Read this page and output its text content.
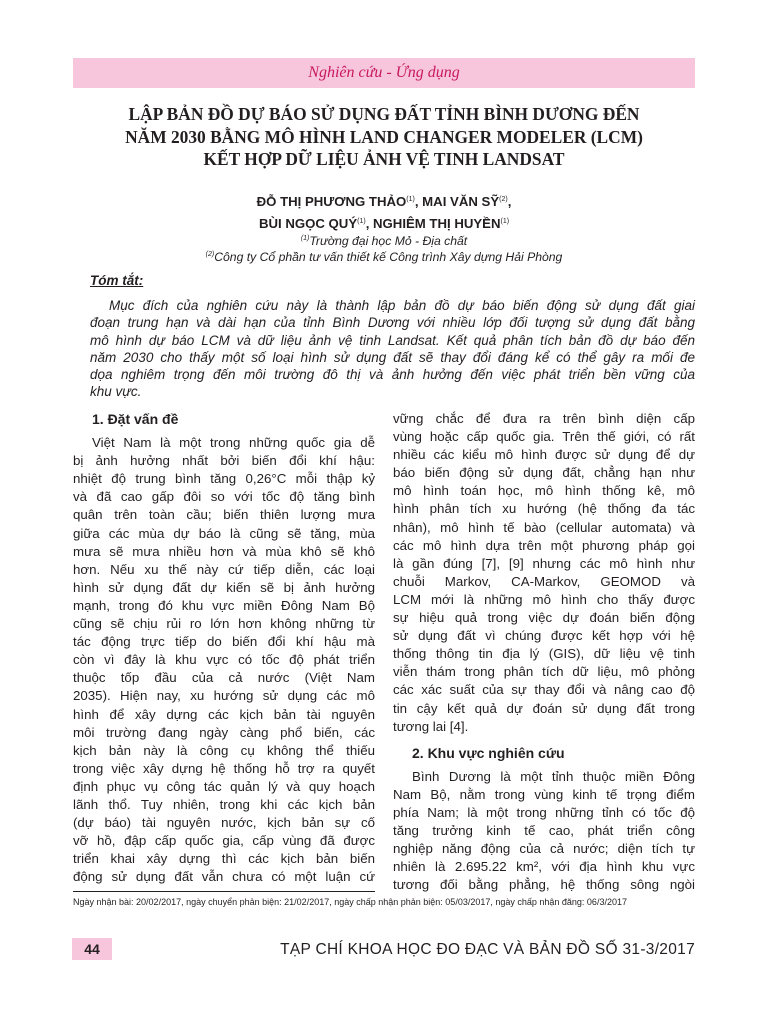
Nghiên cứu - Ứng dụng
LẬP BẢN ĐỒ DỰ BÁO SỬ DỤNG ĐẤT TỈNH BÌNH DƯƠNG ĐẾN
NĂM 2030 BẰNG MÔ HÌNH LAND CHANGER MODELER (LCM)
KẾT HỢP DỮ LIỆU ẢNH VỆ TINH LANDSAT
ĐỖ THỊ PHƯƠNG THẢO$^{(1)}$, MAI VĂN SỸ$^{(2)}$,
BÙI NGỌC QUÝ$^{(1)}$, NGHIÊM THỊ HUYỀN$^{(1)}$
$^{(1)}$Trường đại học Mỏ - Địa chất
$^{(2)}$Công ty Cổ phần tư vấn thiết kế Công trình Xây dựng Hải Phòng
Tóm tắt:
Mục đích của nghiên cứu này là thành lập bản đồ dự báo biến động sử dụng đất giai
đoạn trung hạn và dài hạn của tỉnh Bình Dương với nhiều lớp đối tượng sử dụng đất bằng
mô hình dự báo LCM và dữ liệu ảnh vệ tinh Landsat. Kết quả phân tích bản đồ dự báo đến
năm 2030 cho thấy một số loại hình sử dụng đất sẽ thay đổi đáng kể có thể gây ra mối đe
dọa nghiêm trọng đến môi trường đô thị và ảnh hưởng đến việc phát triển bền vững của
khu vực.
1. Đặt vấn đề
Việt Nam là một trong những quốc gia dễ
bị ảnh hưởng nhất bởi biến đổi khí hậu:
nhiệt độ trung bình tăng 0,26°C mỗi thập kỷ
và đã cao gấp đôi so với tốc độ tăng bình
quân trên toàn cầu; biến thiên lượng mưa
giữa các mùa dự báo là cũng sẽ tăng, mùa
mưa sẽ mưa nhiều hơn và mùa khô sẽ khô
hơn. Nếu xu thế này cứ tiếp diễn, các loại
hình sử dụng đất dự kiến sẽ bị ảnh hưởng
mạnh, trong đó khu vực miền Đông Nam Bộ
cũng sẽ chịu rủi ro lớn hơn không những từ
tác động trực tiếp do biến đổi khí hậu mà
còn vì đây là khu vực có tốc độ phát triển
thuộc tốp đầu của cả nước (Việt Nam
2035). Hiện nay, xu hướng sử dụng các mô
hình để xây dựng các kịch bản tài nguyên
môi trường đang ngày càng phổ biến, các
kịch bản này là công cụ không thể thiếu
trong việc xây dựng hệ thống hỗ trợ ra quyết
định phục vụ công tác quản lý và quy hoạch
lãnh thổ. Tuy nhiên, trong khi các kịch bản
(dự báo) tài nguyên nước, kịch bản sự cố
vỡ hồ, đập cấp quốc gia, cấp vùng đã được
triển khai xây dựng thì các kịch bản biến
động sử dụng đất vẫn chưa có một luận cứ
vững chắc để đưa ra trên bình diện cấp
vùng hoặc cấp quốc gia. Trên thế giới, có rất
nhiều các kiểu mô hình được sử dụng để dự
báo biến động sử dụng đất, chẳng hạn như
mô hình toán học, mô hình thống kê, mô
hình phân tích xu hướng (hệ thống đa tác
nhân), mô hình tế bào (cellular automata) và
các mô hình dựa trên một phương pháp gọi
là gần đúng [7], [9] nhưng các mô hình như
chuỗi Markov, CA-Markov, GEOMOD và
LCM mới là những mô hình cho thấy được
sự hiệu quả trong việc dự đoán biến động
sử dụng đất vì chúng được kết hợp với hệ
thống thông tin địa lý (GIS), dữ liệu vệ tinh
viễn thám trong phân tích dữ liệu, mô phỏng
các xác suất của sự thay đổi và nâng cao độ
tin cậy kết quả dự đoán sử dụng đất trong
tương lai [4].
2. Khu vực nghiên cứu
Bình Dương là một tỉnh thuộc miền Đông
Nam Bộ, nằm trong vùng kinh tế trọng điểm
phía Nam; là một trong những tỉnh có tốc độ
tăng trưởng kinh tế cao, phát triển công
nghiệp năng động của cả nước; diện tích tự
nhiên là 2.695.22 km², với địa hình khu vực
tương đối bằng phẳng, hệ thống sông ngòi
Ngày nhận bài: 20/02/2017, ngày chuyển phản biện: 21/02/2017, ngày chấp nhận phản biện: 05/03/2017, ngày chấp nhận đăng: 06/3/2017
44	TẠP CHÍ KHOA HỌC ĐO ĐẠC VÀ BẢN ĐỒ SỐ 31-3/2017
